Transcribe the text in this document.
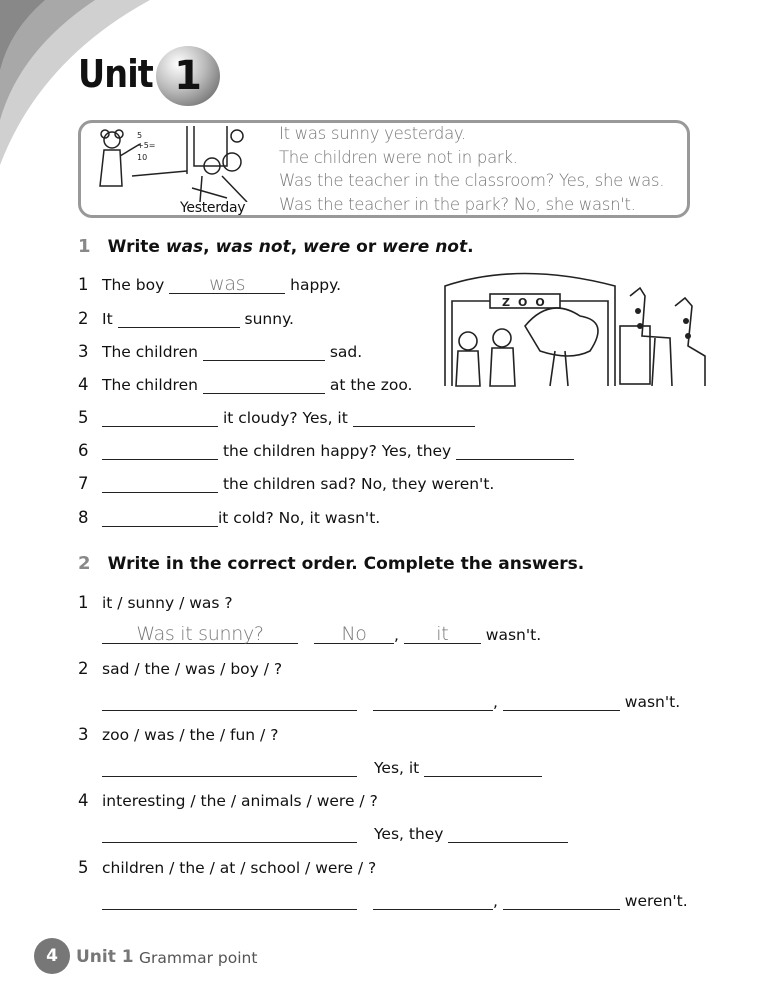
Unit 1
5
+5=
10
Yesterday
It was sunny yesterday.
The children were not in park.
Was the teacher in the classroom? Yes, she was.
Was the teacher in the park? No, she wasn't.
1 Write was, was not, were or were not.
1 The boy
	was
	happy.
2 It

	sunny.
3 The children

	sad.
4 The children

	at the zoo.
5
	it cloudy? Yes, it

6
	the children happy? Yes, they

7
	the children sad? No, they weren't.
8	it cold? No, it wasn't.
ZOO
2 Write in the correct order. Complete the answers.
1 it / sunny / was ?
Was it sunny?	No	,	it
	wasn't.
2 sad / the / was / boy / ?
,
	wasn't.
3 zoo / was / the / fun / ?
Yes, it

4 interesting / the / animals / were / ?
Yes, they

5 children / the / at / school / were / ?
,
	weren't.
4	Unit 1 Grammar point
